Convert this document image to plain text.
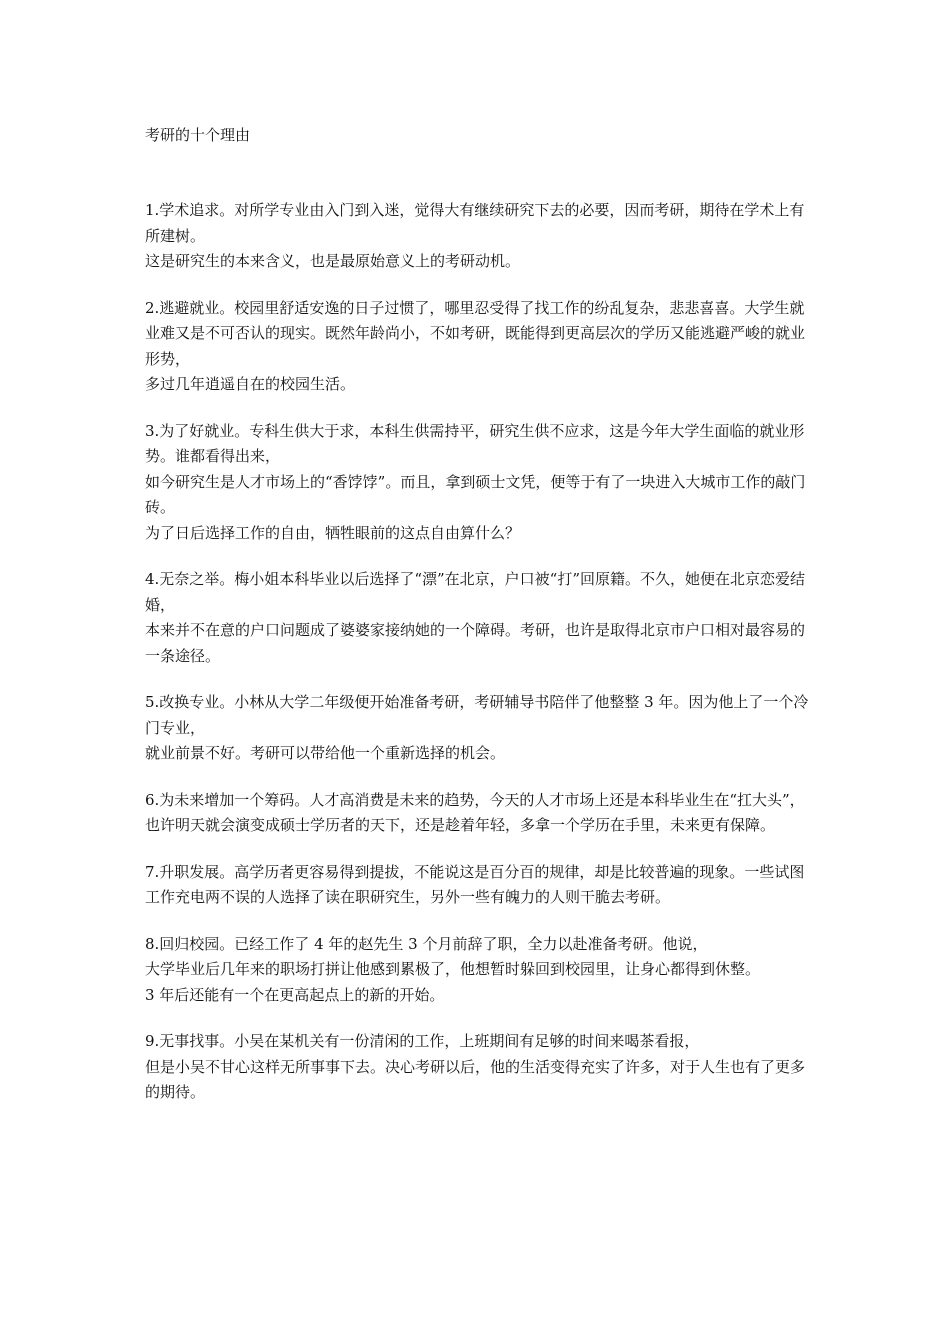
考研的十个理由
1.学术追求。对所学专业由入门到入迷，觉得大有继续研究下去的必要，因而考研，期待在学术上有所建树。
这是研究生的本来含义，也是最原始意义上的考研动机。
2.逃避就业。校园里舒适安逸的日子过惯了，哪里忍受得了找工作的纷乱复杂，悲悲喜喜。大学生就业难又是不可否认的现实。既然年龄尚小，不如考研，既能得到更高层次的学历又能逃避严峻的就业形势，
多过几年逍遥自在的校园生活。
3.为了好就业。专科生供大于求，本科生供需持平，研究生供不应求，这是今年大学生面临的就业形势。谁都看得出来，
如今研究生是人才市场上的“香饽饽”。而且，拿到硕士文凭，便等于有了一块进入大城市工作的敲门砖。
为了日后选择工作的自由，牺牲眼前的这点自由算什么？
4.无奈之举。梅小姐本科毕业以后选择了“漂”在北京，户口被“打”回原籍。不久，她便在北京恋爱结婚，
本来并不在意的户口问题成了婆婆家接纳她的一个障碍。考研，也许是取得北京市户口相对最容易的一条途径。
5.改换专业。小林从大学二年级便开始准备考研，考研辅导书陪伴了他整整 3 年。因为他上了一个冷门专业，
就业前景不好。考研可以带给他一个重新选择的机会。
6.为未来增加一个筹码。人才高消费是未来的趋势，今天的人才市场上还是本科毕业生在“扛大头”，
也许明天就会演变成硕士学历者的天下，还是趁着年轻，多拿一个学历在手里，未来更有保障。
7.升职发展。高学历者更容易得到提拔，不能说这是百分百的规律，却是比较普遍的现象。一些试图工作充电两不误的人选择了读在职研究生，另外一些有魄力的人则干脆去考研。
8.回归校园。已经工作了 4 年的赵先生 3 个月前辞了职，全力以赴准备考研。他说，
大学毕业后几年来的职场打拼让他感到累极了，他想暂时躲回到校园里，让身心都得到休整。
3 年后还能有一个在更高起点上的新的开始。
9.无事找事。小吴在某机关有一份清闲的工作，上班期间有足够的时间来喝茶看报，
但是小吴不甘心这样无所事事下去。决心考研以后，他的生活变得充实了许多，对于人生也有了更多的期待。
